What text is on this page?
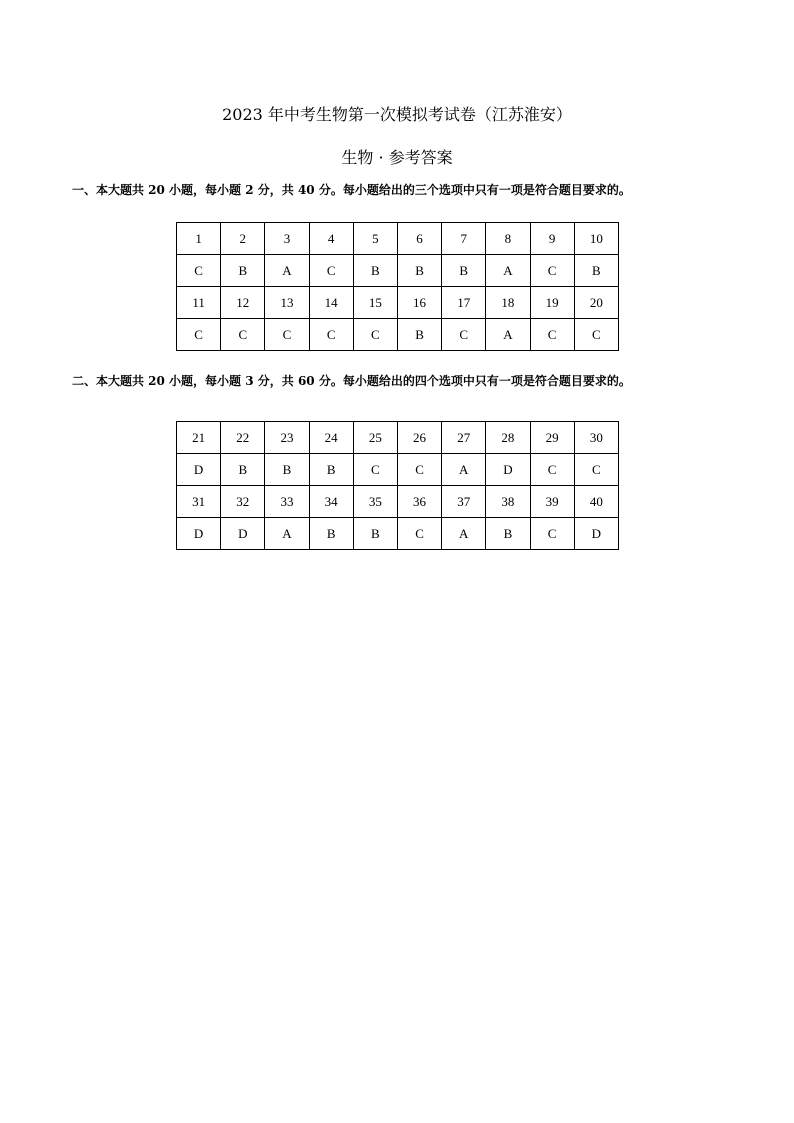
2023 年中考生物第一次模拟考试卷（江苏淮安）
生物 · 参考答案
一、本大题共 20 小题，每小题 2 分，共 40 分。每小题给出的三个选项中只有一项是符合题目要求的。
1	2	3	4	5	6	7	8	9	10
C	B	A	C	B	B	B	A	C	B
11	12	13	14	15	16	17	18	19	20
C	C	C	C	C	B	C	A	C	C
二、本大题共 20 小题，每小题 3 分，共 60 分。每小题给出的四个选项中只有一项是符合题目要求的。
21	22	23	24	25	26	27	28	29	30
D	B	B	B	C	C	A	D	C	C
31	32	33	34	35	36	37	38	39	40
D	D	A	B	B	C	A	B	C	D
